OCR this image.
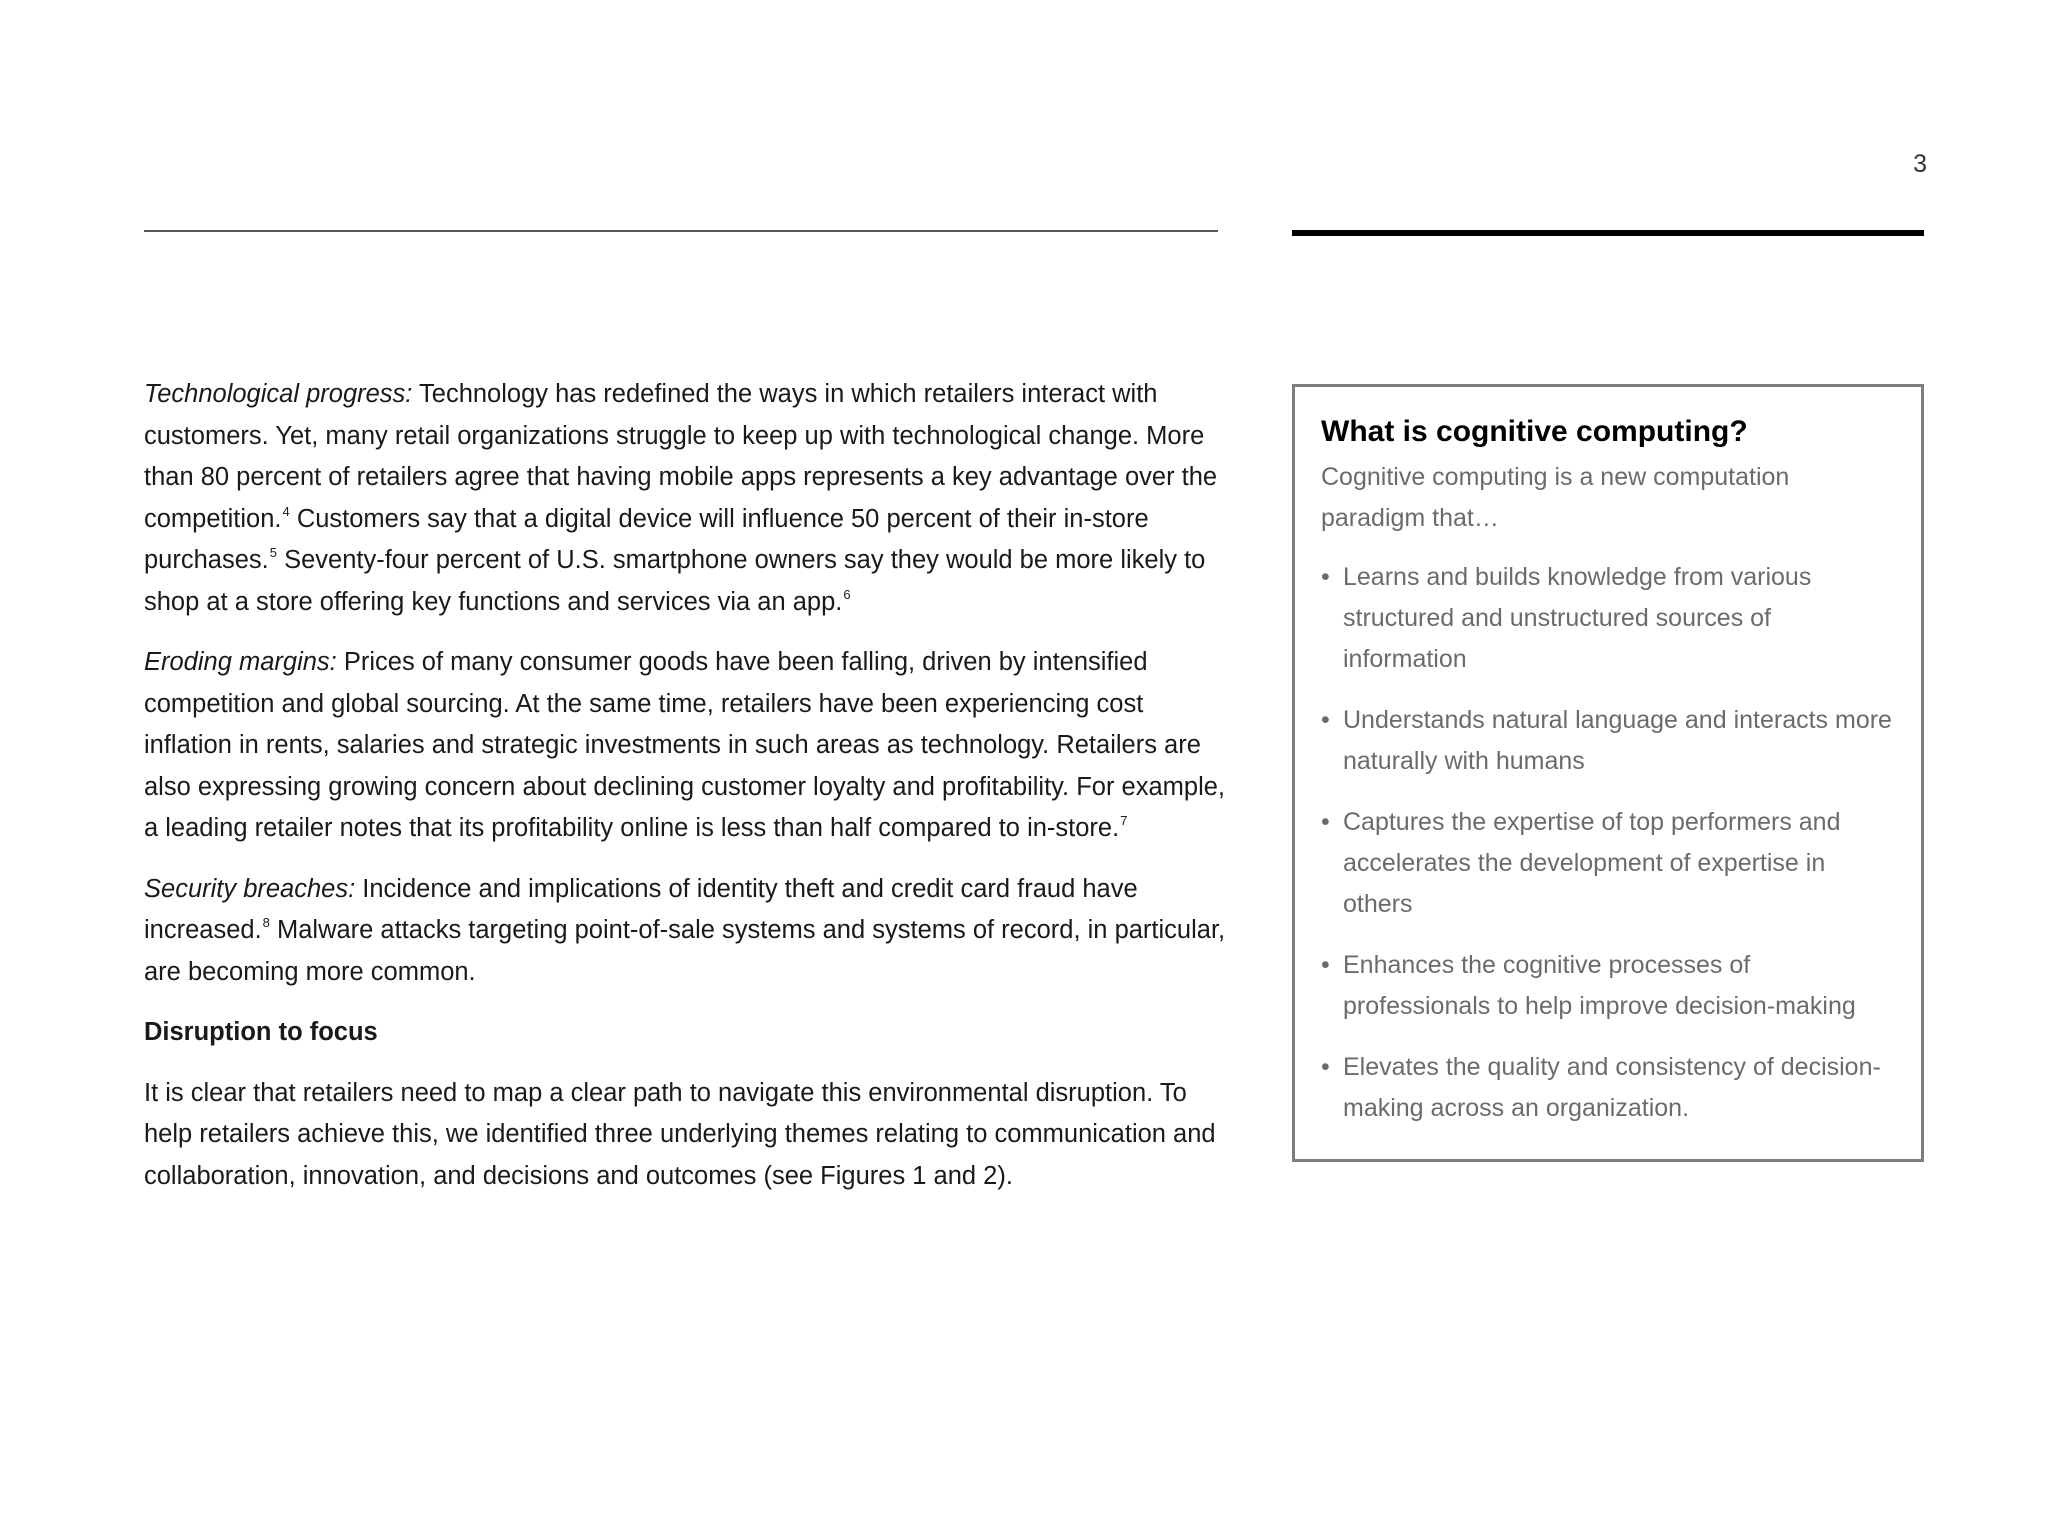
3

Technological progress: Technology has redefined the ways in which retailers interact with customers. Yet, many retail organizations struggle to keep up with technological change. More than 80 percent of retailers agree that having mobile apps represents a key advantage over the competition.$^4$ Customers say that a digital device will influence 50 percent of their in-store purchases.$^5$ Seventy-four percent of U.S. smartphone owners say they would be more likely to shop at a store offering key functions and services via an app.$^6$

Eroding margins: Prices of many consumer goods have been falling, driven by intensified competition and global sourcing. At the same time, retailers have been experiencing cost inflation in rents, salaries and strategic investments in such areas as technology. Retailers are also expressing growing concern about declining customer loyalty and profitability. For example, a leading retailer notes that its profitability online is less than half compared to in-store.$^7$

Security breaches: Incidence and implications of identity theft and credit card fraud have increased.$^8$ Malware attacks targeting point-of-sale systems and systems of record, in particular, are becoming more common.

Disruption to focus

It is clear that retailers need to map a clear path to navigate this environmental disruption. To help retailers achieve this, we identified three underlying themes relating to communication and collaboration, innovation, and decisions and outcomes (see Figures 1 and 2).

What is cognitive computing?
Cognitive computing is a new computation paradigm that…
• Learns and builds knowledge from various structured and unstructured sources of information
• Understands natural language and interacts more naturally with humans
• Captures the expertise of top performers and accelerates the development of expertise in others
• Enhances the cognitive processes of professionals to help improve decision-making
• Elevates the quality and consistency of decision-making across an organization.
